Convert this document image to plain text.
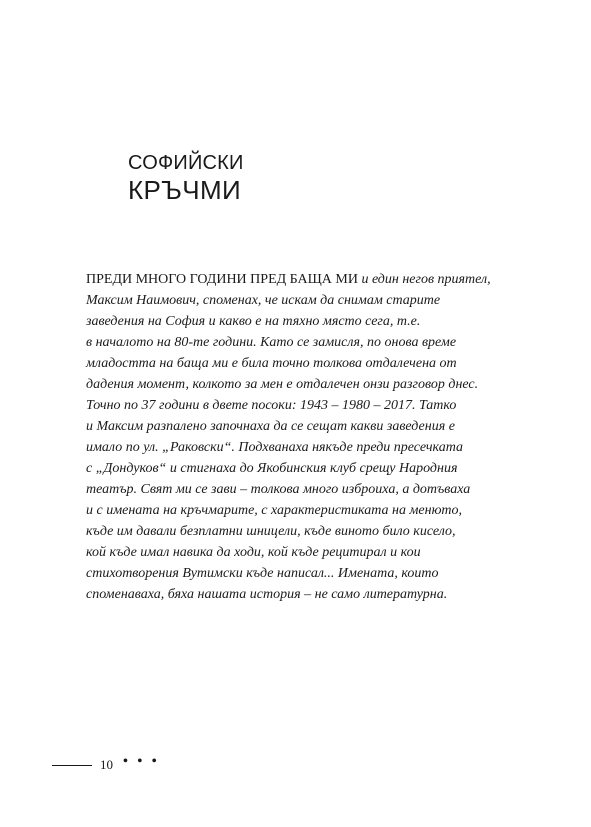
СОФИЙСКИ
КРЪЧМИ
ПРЕДИ МНОГО ГОДИНИ ПРЕД БАЩА МИ и един негов приятел,
Максим Наимович, споменах, че искам да снимам старите
заведения на София и какво е на тяхно място сега, т.е.
в началото на 80-те години. Като се замисля, по онова време
младостта на баща ми е била точно толкова отдалечена от
дадения момент, колкото за мен е отдалечен онзи разговор днес.
Точно по 37 години в двете посоки: 1943 – 1980 – 2017. Татко
и Максим разпалено започнаха да се сещат какви заведения е
имало по ул. „Раковски“. Подхванаха някъде преди пресечката
с „Дондуков“ и стигнаха до Якобинския клуб срещу Народния
театър. Свят ми се зави – толкова много изброиха, а дотъваха
и с имената на кръчмарите, с характеристиката на менюто,
къде им давали безплатни шницели, къде виното било кисело,
кой къде имал навика да ходи, кой къде рецитирал и кои
стихотворения Вутимски къде написал... Имената, които
споменаваха, бяха нашата история – не само литературна.
10 • • •
